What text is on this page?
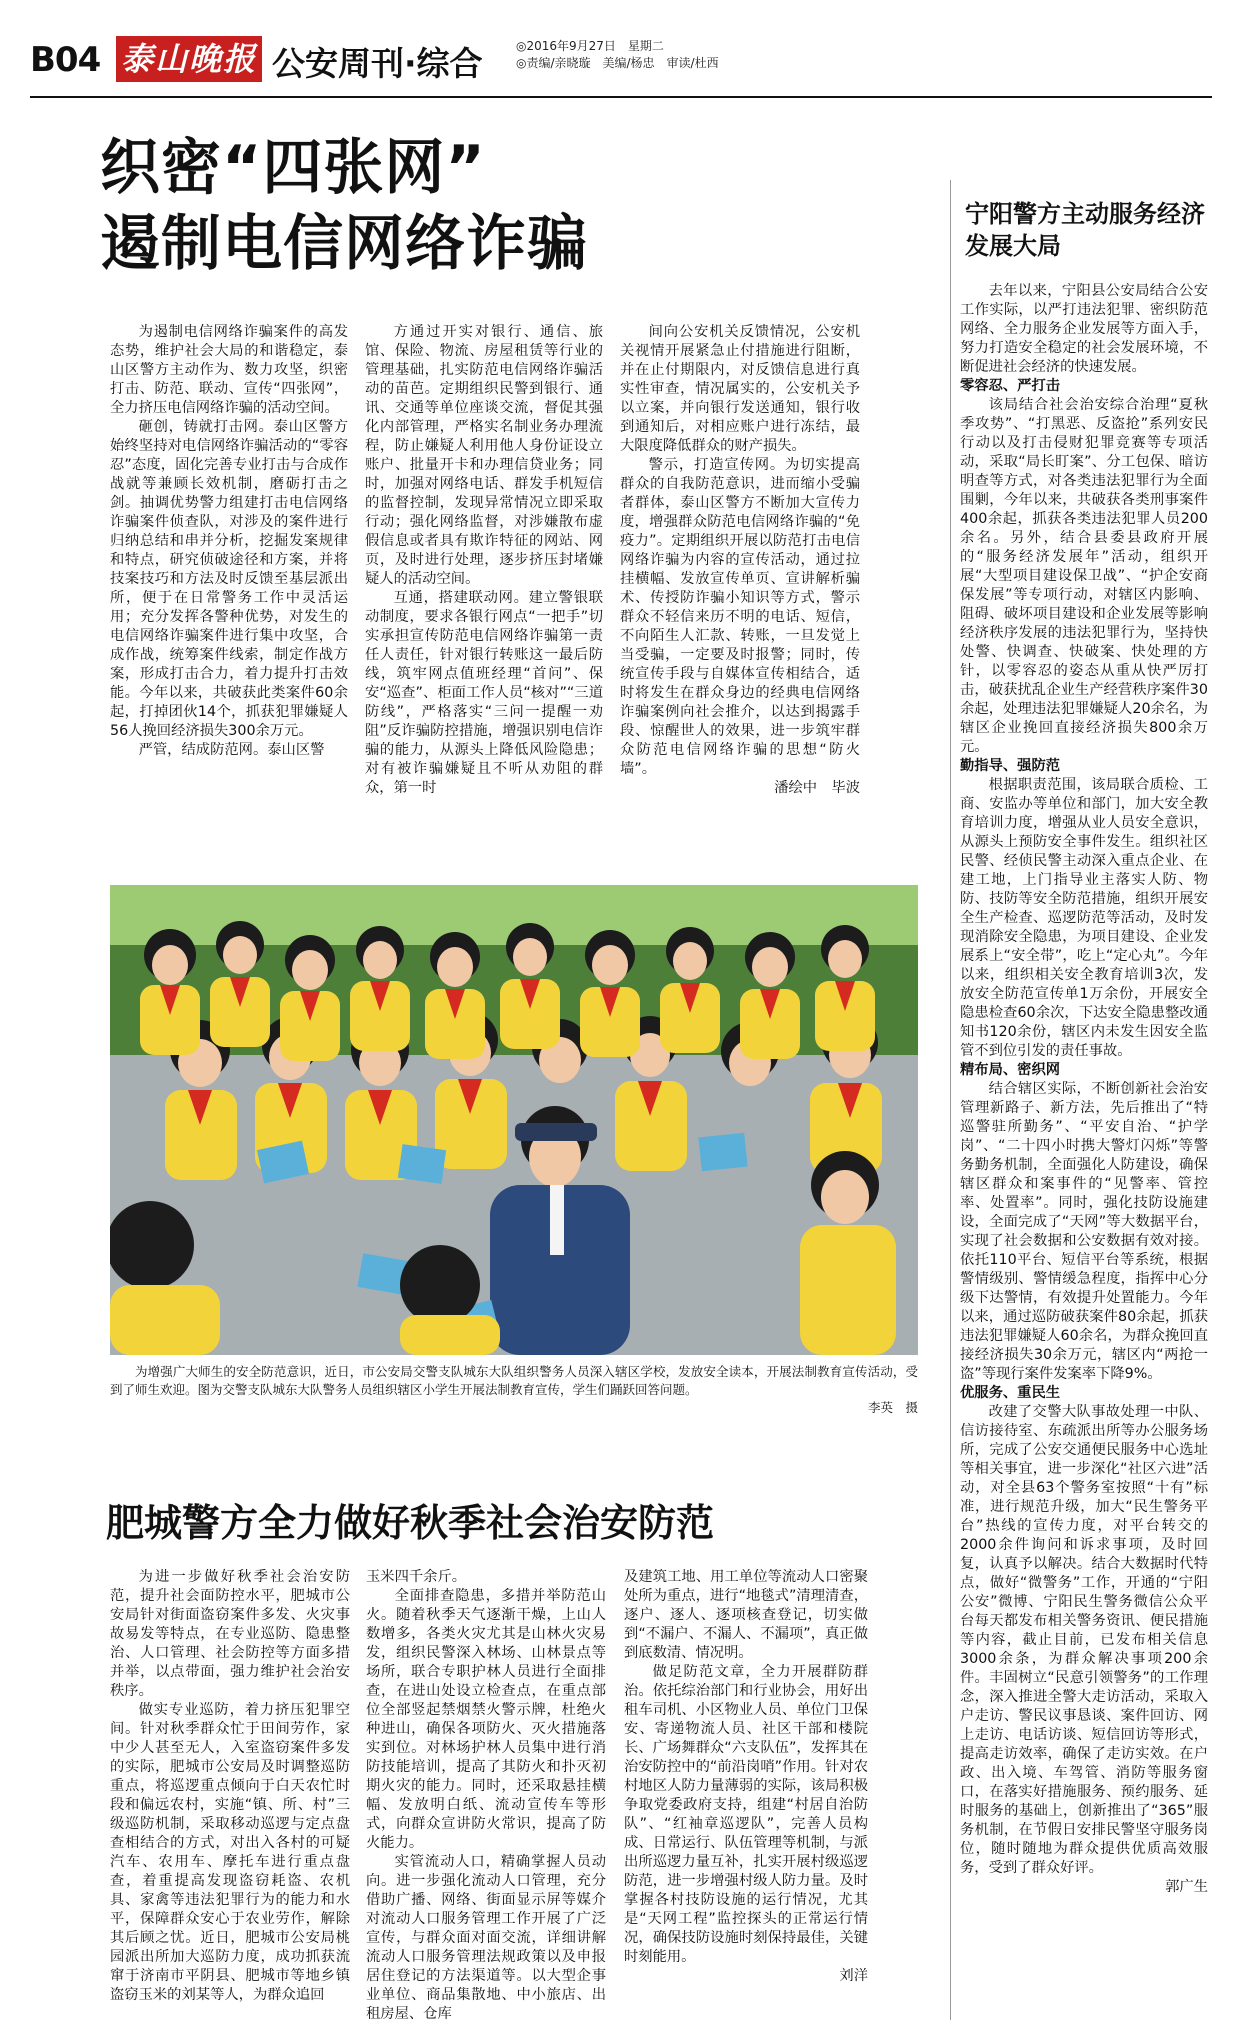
B04 泰山晚报 公安周刊·综合	◎2016年9月27日　星期二
◎责编/亲晓璇　美编/杨忠　审读/杜西
织密“四张网”
遏制电信网络诈骗

为遏制电信网络诈骗案件的高发态势，维护社会大局的和谐稳定，泰山区警方主动作为、数力攻坚，织密打击、防范、联动、宣传“四张网”，全力挤压电信网络诈骗的活动空间。

砸创，铸就打击网。泰山区警方始终坚持对电信网络诈骗活动的“零容忍”态度，固化完善专业打击与合成作战就等兼顾长效机制，磨砺打击之剑。抽调优势警力组建打击电信网络诈骗案件侦查队，对涉及的案件进行归纳总结和串并分析，挖掘发案规律和特点，研究侦破途径和方案，并将技案技巧和方法及时反馈至基层派出所，便于在日常警务工作中灵活运用；充分发挥各警种优势，对发生的电信网络诈骗案件进行集中攻坚，合成作战，统筹案件线索，制定作战方案，形成打击合力，着力提升打击效能。今年以来，共破获此类案件60余起，打掉团伙14个，抓获犯罪嫌疑人56人挽回经济损失300余万元。

严管，结成防范网。泰山区警

方通过开实对银行、通信、旅馆、保险、物流、房屋租赁等行业的管理基础，扎实防范电信网络诈骗活动的苗芭。定期组织民警到银行、通讯、交通等单位座谈交流，督促其强化内部管理，严格实名制业务办理流程，防止嫌疑人利用他人身份证设立账户、批量开卡和办理信贷业务；同时，加强对网络电话、群发手机短信的监督控制，发现异常情况立即采取行动；强化网络监督，对涉嫌散布虚假信息或者具有欺诈特征的网站、网页，及时进行处理，逐步挤压封堵嫌疑人的活动空间。

互通，搭建联动网。建立警银联动制度，要求各银行网点“一把手”切实承担宣传防范电信网络诈骗第一责任人责任，针对银行转账这一最后防线，筑牢网点值班经理“首问”、保安“巡查”、柜面工作人员“核对”“三道防线”，严格落实“三问一提醒一劝阻”反诈骗防控措施，增强识别电信诈骗的能力，从源头上降低风险隐患；对有被诈骗嫌疑且不听从劝阻的群众，第一时

间向公安机关反馈情况，公安机关视情开展紧急止付措施进行阻断，并在止付期限内，对反馈信息进行真实性审查，情况属实的，公安机关予以立案，并向银行发送通知，银行收到通知后，对相应账户进行冻结，最大限度降低群众的财产损失。

警示，打造宣传网。为切实提高群众的自我防范意识，进而缩小受骗者群体，泰山区警方不断加大宣传力度，增强群众防范电信网络诈骗的“免疫力”。定期组织开展以防范打击电信网络诈骗为内容的宣传活动，通过拉挂横幅、发放宣传单页、宣讲解析骗术、传授防诈骗小知识等方式，警示群众不轻信来历不明的电话、短信，不向陌生人汇款、转账，一旦发觉上当受骗，一定要及时报警；同时，传统宣传手段与自媒体宣传相结合，适时将发生在群众身边的经典电信网络诈骗案例向社会推介，以达到揭露手段、惊醒世人的效果，进一步筑牢群众防范电信网络诈骗的思想“防火墙”。

潘绘中　毕波

为增强广大师生的安全防范意识，近日，市公安局交警支队城东大队组织警务人员深入辖区学校，发放安全读本，开展法制教育宣传活动，受到了师生欢迎。图为交警支队城东大队警务人员组织辖区小学生开展法制教育宣传，学生们踊跃回答问题。

李英　摄

肥城警方全力做好秋季社会治安防范

为进一步做好秋季社会治安防范，提升社会面防控水平，肥城市公安局针对街面盗窃案件多发、火灾事故易发等特点，在专业巡防、隐患整治、人口管理、社会防控等方面多措并举，以点带面，强力维护社会治安秩序。

做实专业巡防，着力挤压犯罪空间。针对秋季群众忙于田间劳作，家中少人甚至无人，入室盗窃案件多发的实际，肥城市公安局及时调整巡防重点，将巡逻重点倾向于白天农忙时段和偏远农村，实施“镇、所、村”三级巡防机制，采取移动巡逻与定点盘查相结合的方式，对出入各村的可疑汽车、农用车、摩托车进行重点盘查，着重提高发现盗窃耗盗、农机具、家禽等违法犯罪行为的能力和水平，保障群众安心于农业劳作，解除其后顾之忧。近日，肥城市公安局桃园派出所加大巡防力度，成功抓获流窜于济南市平阴县、肥城市等地乡镇盗窃玉米的刘某等人，为群众追回

玉米四千余斤。

全面排查隐患，多措并举防范山火。随着秋季天气逐渐干燥，上山人数增多，各类火灾尤其是山林火灾易发，组织民警深入林场、山林景点等场所，联合专职护林人员进行全面排查，在进山处设立检查点，在重点部位全部竖起禁烟禁火警示牌，杜绝火种进山，确保各项防火、灭火措施落实到位。对林场护林人员集中进行消防技能培训，提高了其防火和扑灭初期火灾的能力。同时，还采取悬挂横幅、发放明白纸、流动宣传车等形式，向群众宣讲防火常识，提高了防火能力。

实管流动人口，精确掌握人员动向。进一步强化流动人口管理，充分借助广播、网络、街面显示屏等媒介对流动人口服务管理工作开展了广泛宣传，与群众面对面交流，详细讲解流动人口服务管理法规政策以及申报居住登记的方法渠道等。以大型企事业单位、商品集散地、中小旅店、出租房屋、仓库

及建筑工地、用工单位等流动人口密聚处所为重点，进行“地毯式”清理清查，逐户、逐人、逐项核查登记，切实做到“不漏户、不漏人、不漏项”，真正做到底数清、情况明。

做足防范文章，全力开展群防群治。依托综治部门和行业协会，用好出租车司机、小区物业人员、单位门卫保安、寄递物流人员、社区干部和楼院长、广场舞群众“六支队伍”，发挥其在治安防控中的“前沿岗哨”作用。针对农村地区人防力量薄弱的实际，该局积极争取党委政府支持，组建“村居自治防队”、“红袖章巡逻队”，完善人员构成、日常运行、队伍管理等机制，与派出所巡逻力量互补，扎实开展村级巡逻防范，进一步增强村级人防力量。及时掌握各村技防设施的运行情况，尤其是“天网工程”监控探头的正常运行情况，确保技防设施时刻保持最佳，关键时刻能用。

刘洋

宁阳警方主动服务经济发展大局

去年以来，宁阳县公安局结合公安工作实际，以严打违法犯罪、密织防范网络、全力服务企业发展等方面入手，努力打造安全稳定的社会发展环境，不断促进社会经济的快速发展。

零容忍、严打击

该局结合社会治安综合治理“夏秋季攻势”、“打黑恶、反盗抢”系列安民行动以及打击侵财犯罪竞赛等专项活动，采取“局长盯案”、分工包保、暗访明查等方式，对各类违法犯罪行为全面围剿，今年以来，共破获各类刑事案件400余起，抓获各类违法犯罪人员200余名。另外，结合县委县政府开展的“服务经济发展年”活动，组织开展“大型项目建设保卫战”、“护企安商保发展”等专项行动，对辖区内影响、阻碍、破坏项目建设和企业发展等影响经济秩序发展的违法犯罪行为，坚持快处警、快调查、快破案、快处理的方针，以零容忍的姿态从重从快严厉打击，破获扰乱企业生产经营秩序案件30余起，处理违法犯罪嫌疑人20余名，为辖区企业挽回直接经济损失800余万元。

勤指导、强防范

根据职责范围，该局联合质检、工商、安监办等单位和部门，加大安全教育培训力度，增强从业人员安全意识，从源头上预防安全事件发生。组织社区民警、经侦民警主动深入重点企业、在建工地，上门指导业主落实人防、物防、技防等安全防范措施，组织开展安全生产检查、巡逻防范等活动，及时发现消除安全隐患，为项目建设、企业发展系上“安全带”，吃上“定心丸”。今年以来，组织相关安全教育培训3次，发放安全防范宣传单1万余份，开展安全隐患检查60余次，下达安全隐患整改通知书120余份，辖区内未发生因安全监管不到位引发的责任事故。

精布局、密织网

结合辖区实际，不断创新社会治安管理新路子、新方法，先后推出了“特巡警驻所勤务”、“平安自治、“护学岗”、“二十四小时携大警灯闪烁”等警务勤务机制，全面强化人防建设，确保辖区群众和案事件的“见警率、管控率、处置率”。同时，强化技防设施建设，全面完成了“天网”等大数据平台，实现了社会数据和公安数据有效对接。依托110平台、短信平台等系统，根据警情级别、警情缓急程度，指挥中心分级下达警情，有效提升处置能力。今年以来，通过巡防破获案件80余起，抓获违法犯罪嫌疑人60余名，为群众挽回直接经济损失30余万元，辖区内“两抢一盗”等现行案件发案率下降9%。

优服务、重民生

改建了交警大队事故处理一中队、信访接待室、东疏派出所等办公服务场所，完成了公安交通便民服务中心选址等相关事宜，进一步深化“社区六进”活动，对全县63个警务室按照“十有”标准，进行规范升级，加大“民生警务平台”热线的宣传力度，对平台转交的2000余件询问和诉求事项，及时回复，认真予以解决。结合大数据时代特点，做好“微警务”工作，开通的“宁阳公安”微博、宁阳民生警务微信公众平台每天都发布相关警务资讯、便民措施等内容，截止目前，已发布相关信息3000余条，为群众解决事项200余件。丰固树立“民意引领警务”的工作理念，深入推进全警大走访活动，采取入户走访、警民议事恳谈、案件回访、网上走访、电话访谈、短信回访等形式，提高走访效率，确保了走访实效。在户政、出入境、车驾管、消防等服务窗口，在落实好措施服务、预约服务、延时服务的基础上，创新推出了“365”服务机制，在节假日安排民警坚守服务岗位，随时随地为群众提供优质高效服务，受到了群众好评。

郭广生
